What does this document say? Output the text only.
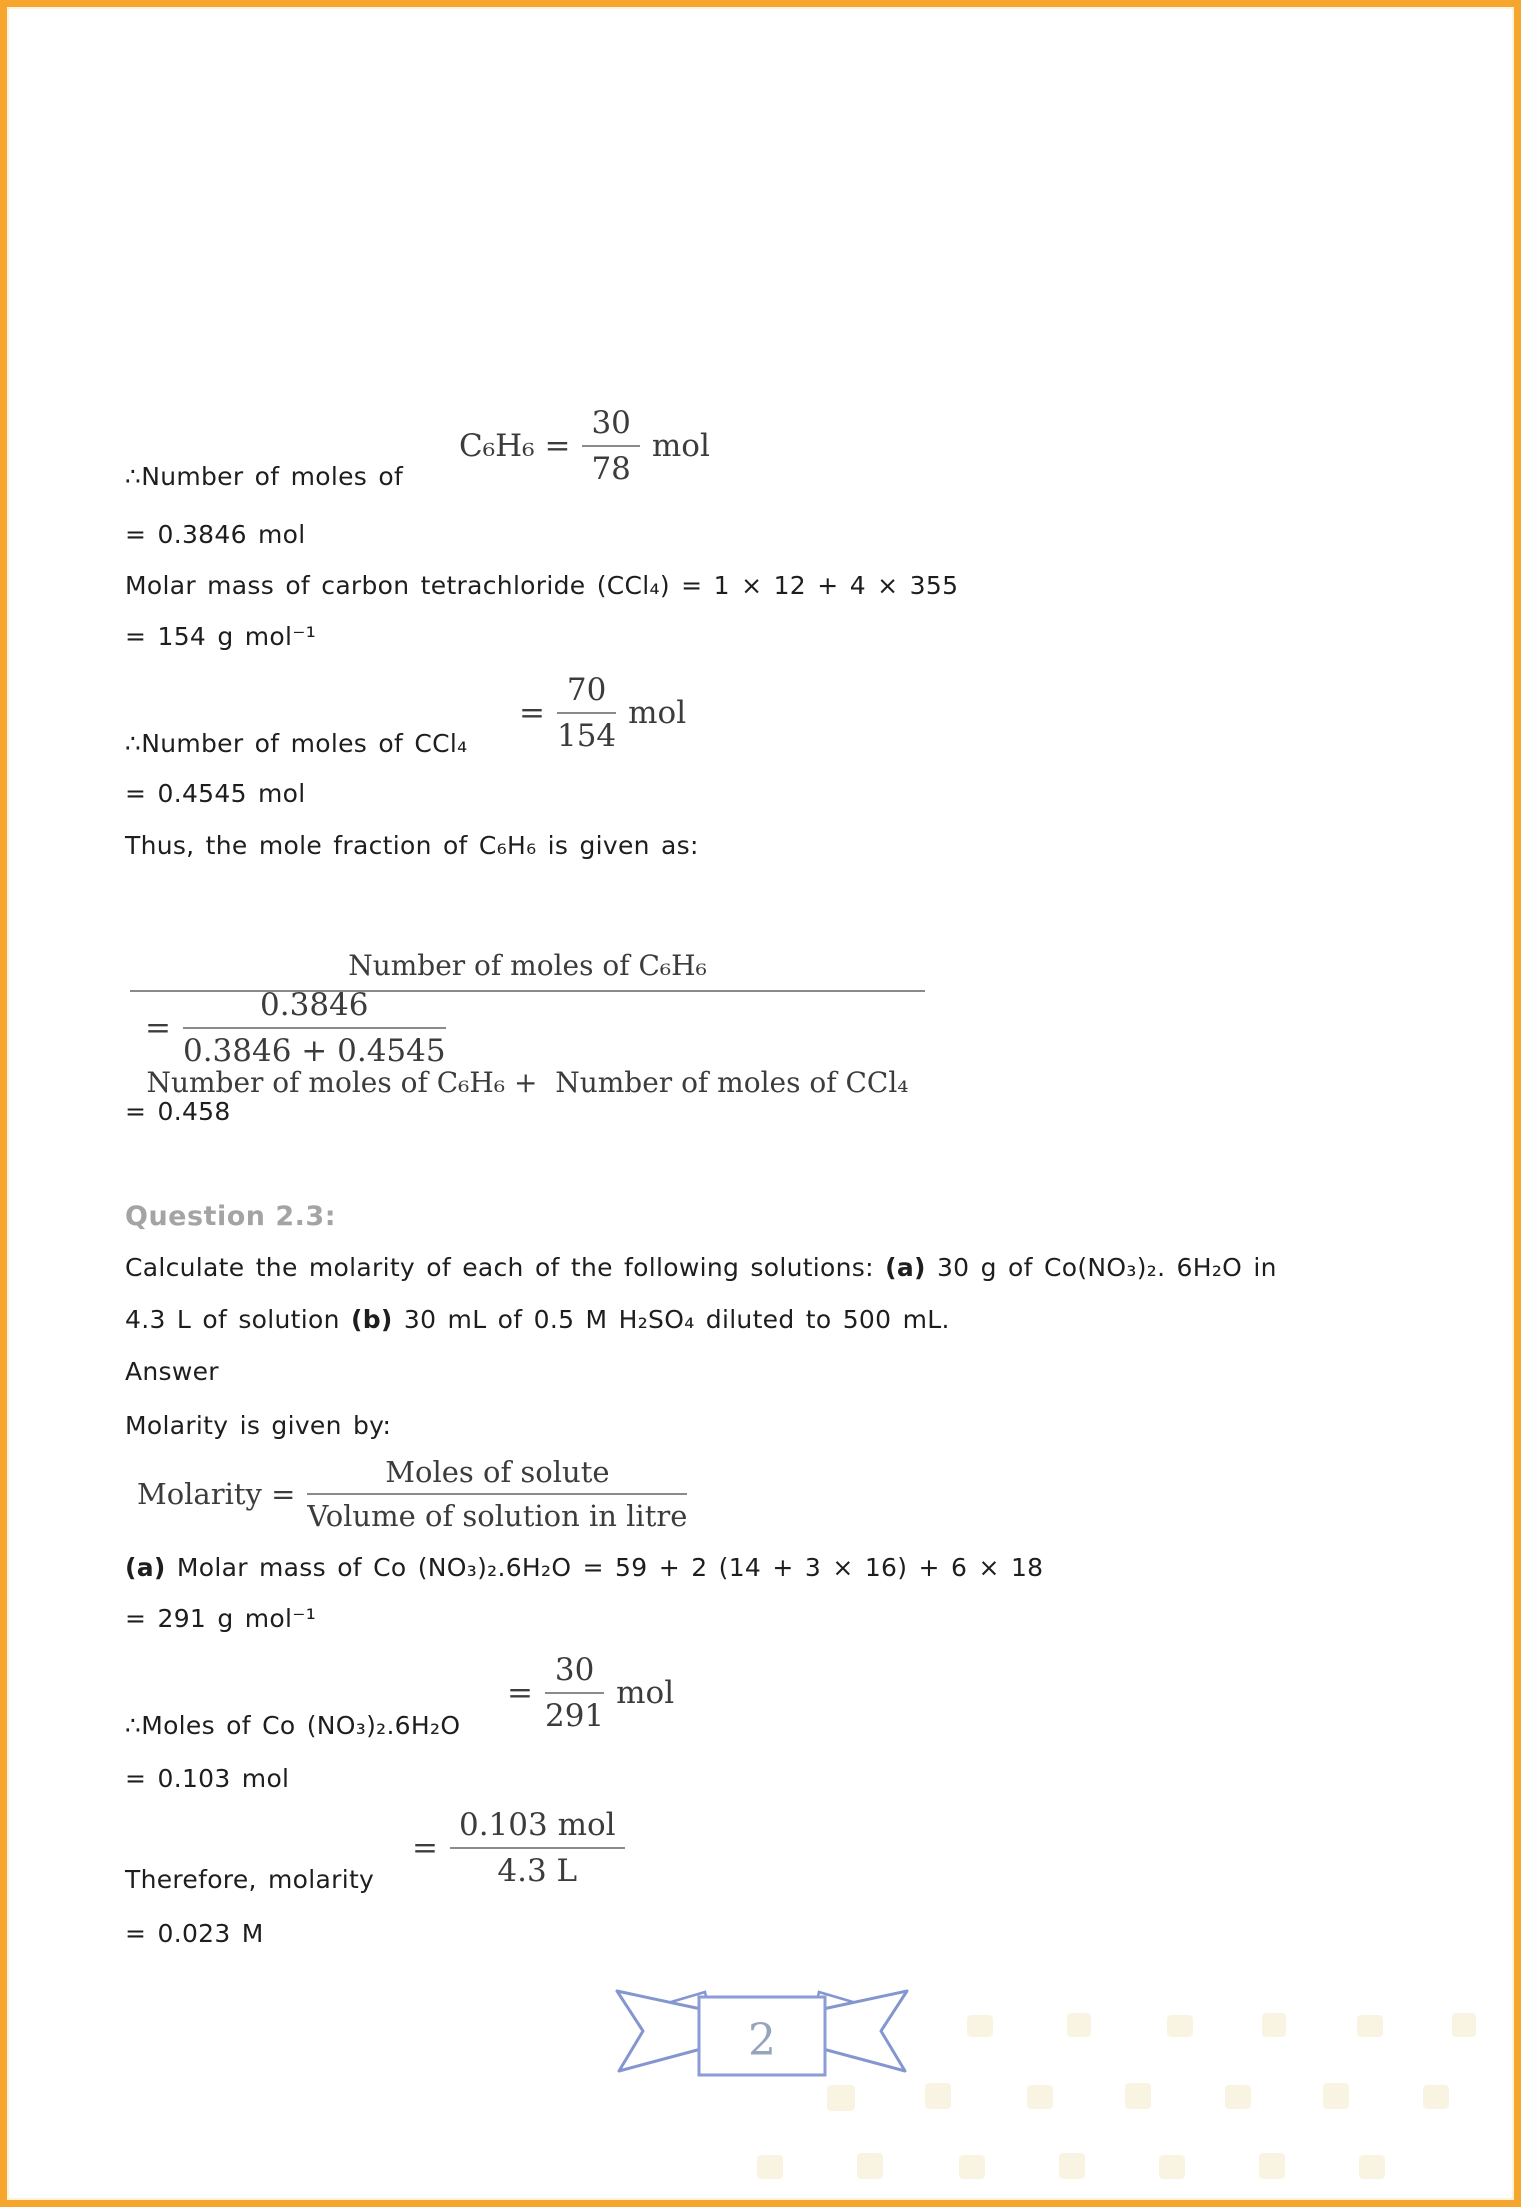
$C_6H_6 = \frac{30}{78}$ mol
∴Number of moles of
= 0.3846 mol
Molar mass of carbon tetrachloride (CCl₄) = 1 × 12 + 4 × 355
= 154 g mol⁻¹
= $\frac{70}{154}$ mol
∴Number of moles of CCl₄
= 0.4545 mol
Thus, the mole fraction of C₆H₆ is given as:

Number of moles of C₆H₆

Number of moles of C₆H₆ +  Number of moles of CCl₄

= $\frac{0.3846}{0.3846 + 0.4545}$
= 0.458
Question 2.3:
Calculate the molarity of each of the following solutions: (a) 30 g of Co(NO₃)₂. 6H₂O in
4.3 L of solution (b) 30 mL of 0.5 M H₂SO₄ diluted to 500 mL.
Answer
Molarity is given by:
Molarity = $\frac{\text{Moles of solute}}{\text{Volume of solution in litre}}$
(a) Molar mass of Co (NO₃)₂.6H₂O = 59 + 2 (14 + 3 × 16) + 6 × 18
= 291 g mol⁻¹
= $\frac{30}{291}$ mol
∴Moles of Co (NO₃)₂.6H₂O
= 0.103 mol
= $\frac{\text{0.103 mol}}{4.3 L}$
Therefore, molarity
= 0.023 M
2
